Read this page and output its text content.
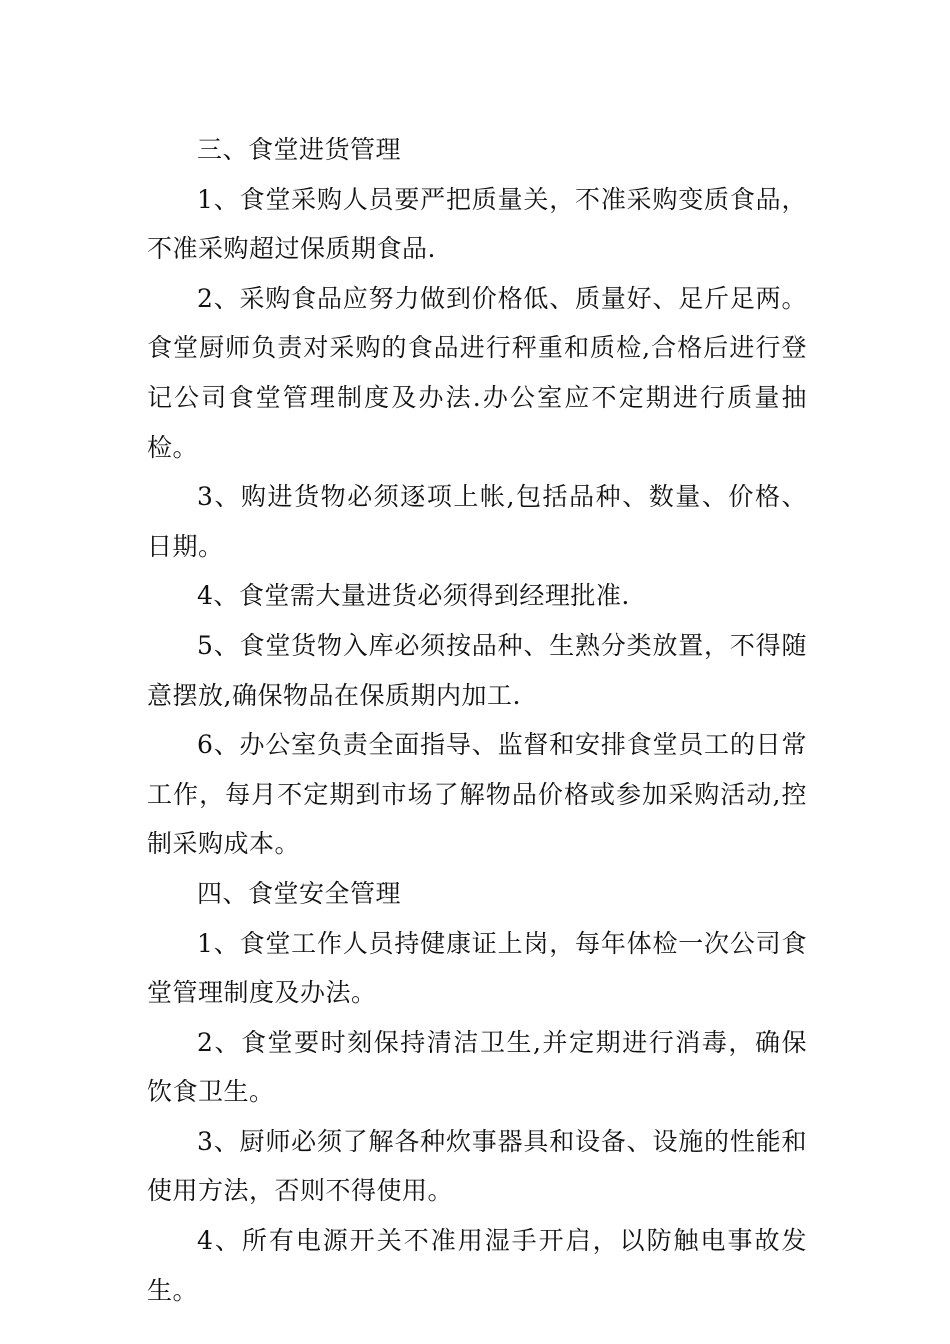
三、食堂进货管理

1、食堂采购人员要严把质量关，不准采购变质食品，不准采购超过保质期食品.

2、采购食品应努力做到价格低、质量好、足斤足两。食堂厨师负责对采购的食品进行秤重和质检,合格后进行登记公司食堂管理制度及办法.办公室应不定期进行质量抽检。

3、购进货物必须逐项上帐,包括品种、数量、价格、日期。

4、食堂需大量进货必须得到经理批准.

5、食堂货物入库必须按品种、生熟分类放置，不得随意摆放,确保物品在保质期内加工.

6、办公室负责全面指导、监督和安排食堂员工的日常工作，每月不定期到市场了解物品价格或参加采购活动,控制采购成本。

四、食堂安全管理

1、食堂工作人员持健康证上岗，每年体检一次公司食堂管理制度及办法。

2、食堂要时刻保持清洁卫生,并定期进行消毒，确保饮食卫生。

3、厨师必须了解各种炊事器具和设备、设施的性能和使用方法，否则不得使用。

4、所有电源开关不准用湿手开启，以防触电事故发生。
